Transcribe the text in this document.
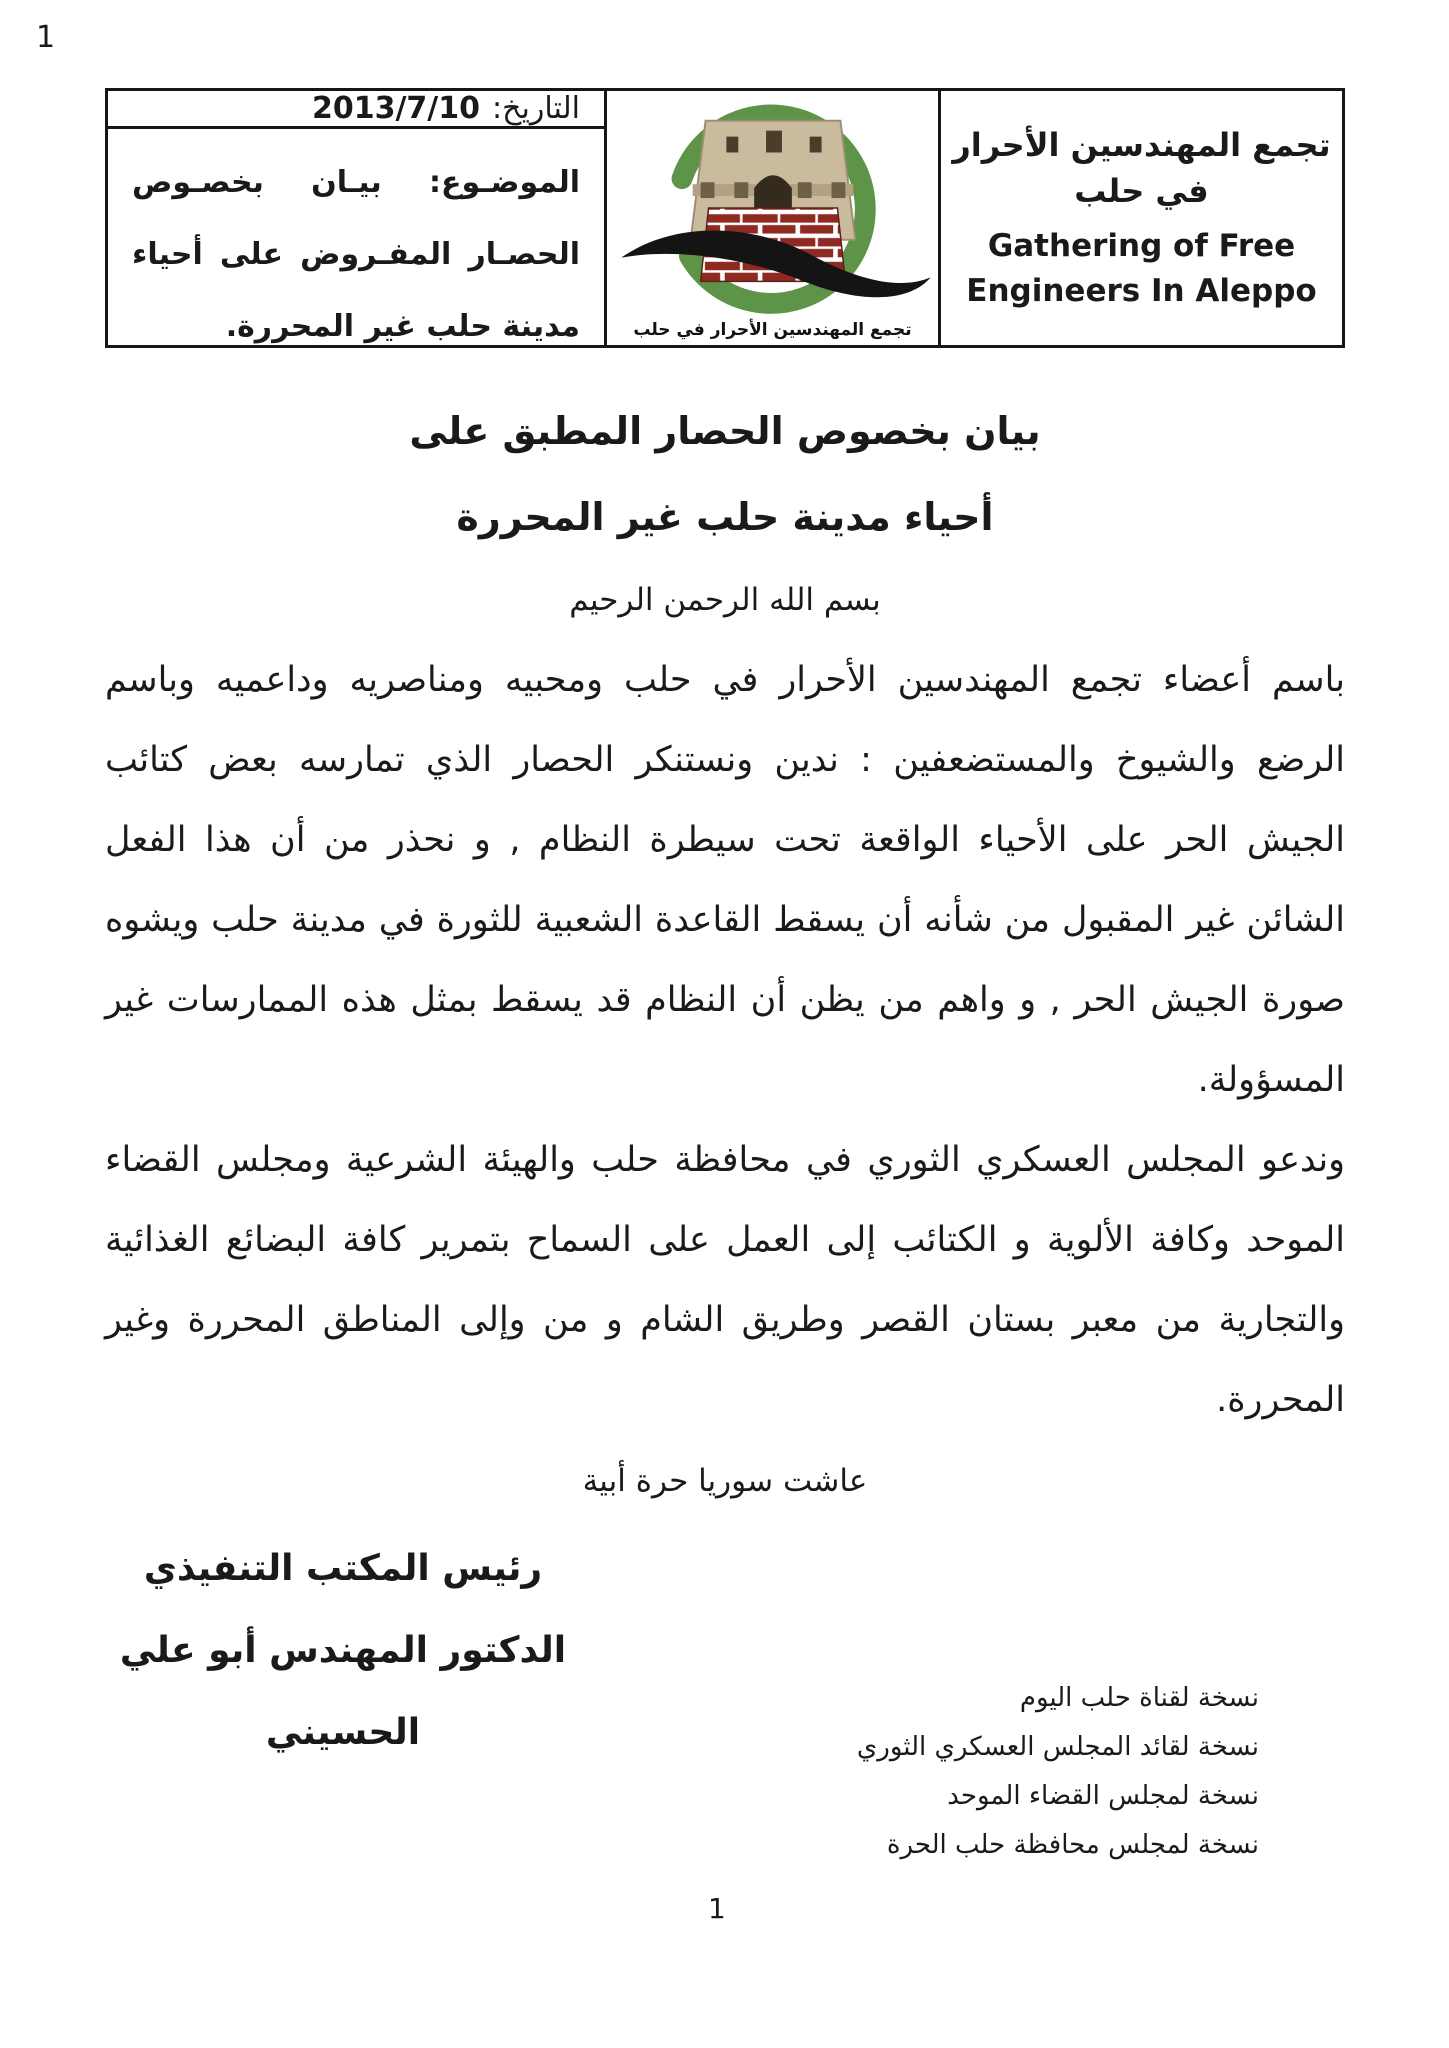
1
تجمع المهندسين الأحرار في حلب
Gathering of Free
Engineers In Aleppo
تجمع المهندسين الأحرار في حلب
التاريخ:
2013/7/10
الموضـوع: بيـان بخصـوص الحصـار المفـروض على أحياء مدينة حلب غير المحررة.
بيان بخصوص الحصار المطبق على
أحياء مدينة حلب غير المحررة
بسم الله الرحمن الرحيم
باسم أعضاء تجمع المهندسين الأحرار في حلب ومحبيه ومناصريه وداعميه وباسم الرضع والشيوخ والمستضعفين : ندين ونستنكر الحصار الذي تمارسه بعض كتائب الجيش الحر على الأحياء الواقعة تحت سيطرة النظام , و نحذر من أن هذا الفعل الشائن غير المقبول من شأنه أن يسقط القاعدة الشعبية للثورة في مدينة حلب ويشوه صورة الجيش الحر , و واهم من يظن أن النظام قد يسقط بمثل هذه الممارسات غير المسؤولة.
وندعو المجلس العسكري الثوري في محافظة حلب والهيئة الشرعية ومجلس القضاء الموحد وكافة الألوية و الكتائب إلى العمل على السماح بتمرير كافة البضائع الغذائية والتجارية من معبر بستان القصر وطريق الشام و من وإلى المناطق المحررة وغير المحررة.
عاشت سوريا حرة أبية
رئيس المكتب التنفيذي
الدكتور المهندس أبو علي الحسيني
نسخة لقناة حلب اليوم
نسخة لقائد المجلس العسكري الثوري
نسخة لمجلس القضاء الموحد
نسخة لمجلس محافظة حلب الحرة
1
